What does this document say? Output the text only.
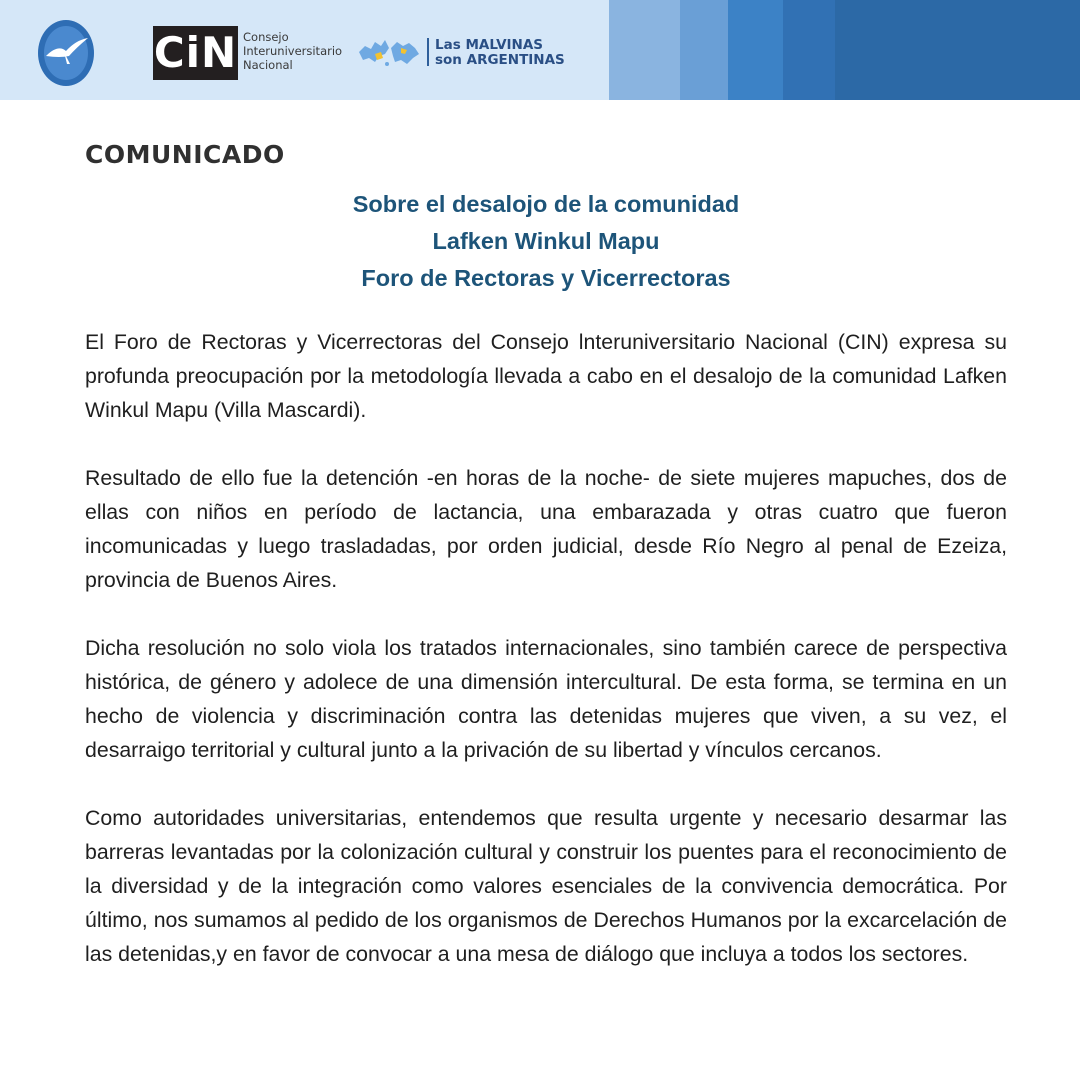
CiN Consejo
Interuniversitario
Nacional
Las MALVINAS
son ARGENTINAS
COMUNICADO
Sobre el desalojo de la comunidad
Lafken Winkul Mapu
Foro de Rectoras y Vicerrectoras

El Foro de Rectoras y Vicerrectoras del Consejo lnteruniversitario Nacional (CIN) expresa su profunda preocupación por la metodología llevada a cabo en el desalojo de la comunidad Lafken Winkul Mapu (Villa Mascardi).

Resultado de ello fue la detención -en horas de la noche- de siete mujeres mapuches, dos de ellas con niños en período de lactancia, una embarazada y otras cuatro que fueron incomunicadas y luego trasladadas, por orden judicial, desde Río Negro al penal de Ezeiza, provincia de Buenos Aires.

Dicha resolución no solo viola los tratados internacionales, sino también carece de perspectiva histórica, de género y adolece de una dimensión intercultural. De esta forma, se termina en un hecho de violencia y discriminación contra las detenidas mujeres que viven, a su vez, el desarraigo territorial y cultural junto a la privación de su libertad y vínculos cercanos.

Como autoridades universitarias, entendemos que resulta urgente y necesario desarmar las barreras levantadas por la colonización cultural y construir los puentes para el reconocimiento de la diversidad y de la integración como valores esenciales de la convivencia democrática. Por último, nos sumamos al pedido de los organismos de Derechos Humanos por la excarcelación de las detenidas,y en favor de convocar a una mesa de diálogo que incluya a todos los sectores.
